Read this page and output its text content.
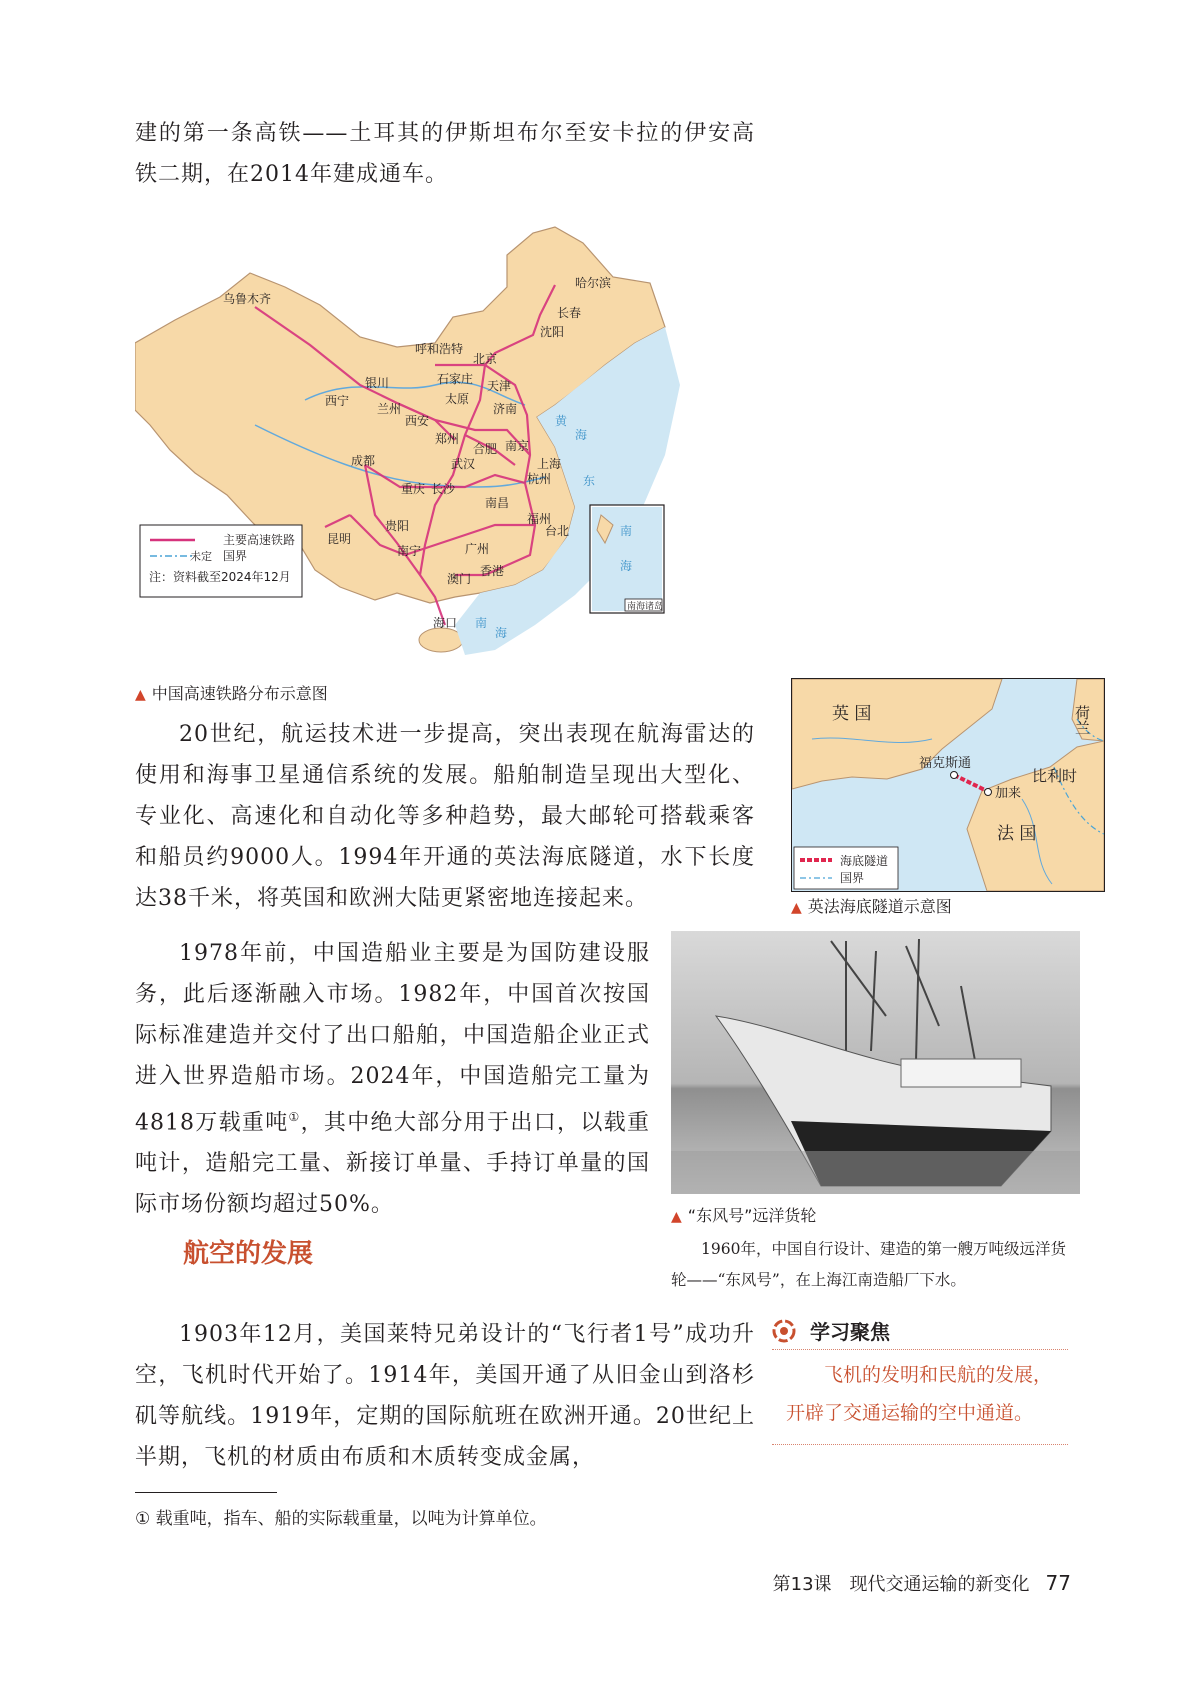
建的第一条高铁——土耳其的伊斯坦布尔至安卡拉的伊安高铁二期，在2014年建成通车。

南海诸岛
主要高速铁路
未定 国界
注：资料截至2024年12月
哈尔滨
长春
沈阳
乌鲁木齐
呼和浩特
北京
银川	石家庄 天津
太原
济南
西宁
兰州
西安
郑州
合肥 南京
上海
成都	武汉
杭州
重庆 长沙
南昌
福州
台北
昆明
贵阳
南宁	广州
澳门
香港
海口
黄
海
东
南
海
南
海
▲ 中国高速铁路分布示意图

20世纪，航运技术进一步提高，突出表现在航海雷达的使用和海事卫星通信系统的发展。船舶制造呈现出大型化、专业化、高速化和自动化等多种趋势，最大邮轮可搭载乘客和船员约9000人。1994年开通的英法海底隧道，水下长度达38千米，将英国和欧洲大陆更紧密地连接起来。

英 国	荷兰
比利时
法 国
福克斯通
加来
海底隧道
国界
▲ 英法海底隧道示意图

1978年前，中国造船业主要是为国防建设服务，此后逐渐融入市场。1982年，中国首次按国际标准建造并交付了出口船舶，中国造船企业正式进入世界造船市场。2024年，中国造船完工量为4818万载重吨①，其中绝大部分用于出口，以载重吨计，造船完工量、新接订单量、手持订单量的国际市场份额均超过50%。	▲ “东风号”远洋货轮
1960年，中国自行设计、建造的第一艘万吨级远洋货轮——“东风号”，在上海江南造船厂下水。
航空的发展

1903年12月，美国莱特兄弟设计的“飞行者1号”成功升空，飞机时代开始了。1914年，美国开通了从旧金山到洛杉矶等航线。1919年，定期的国际航班在欧洲开通。20世纪上半期，飞机的材质由布质和木质转变成金属，

学习聚焦

飞机的发明和民航的发展，开辟了交通运输的空中通道。

① 载重吨，指车、船的实际载重量，以吨为计算单位。
第13课　现代交通运输的新变化 77
